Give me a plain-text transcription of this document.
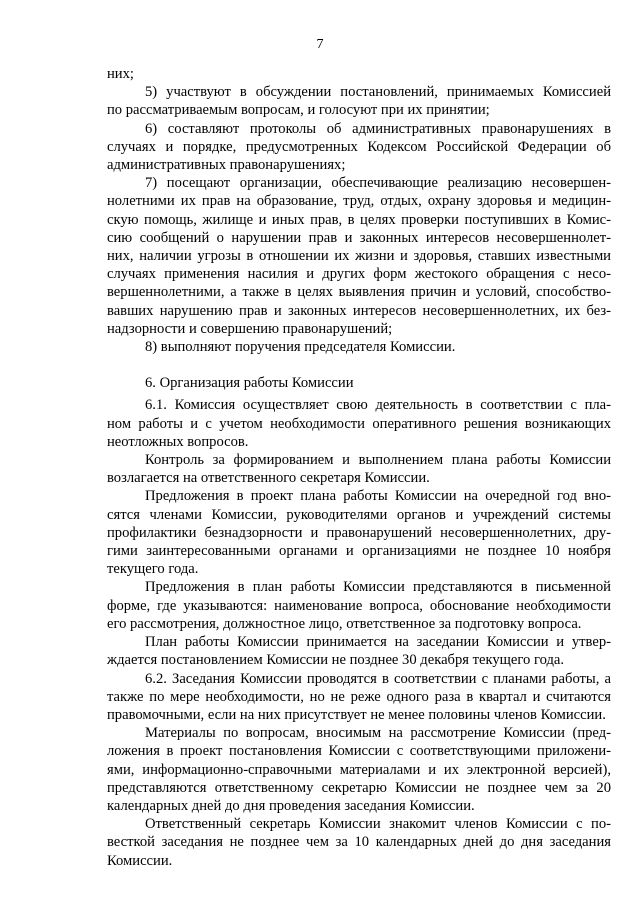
7

них;

5) участвуют в обсуждении постановлений, принимаемых Комиссией
по рассматриваемым вопросам, и голосуют при их принятии;

6) составляют протоколы об административных правонарушениях в
случаях и порядке, предусмотренных Кодексом Российской Федерации об
административных правонарушениях;

7) посещают организации, обеспечивающие реализацию несовершен-
нолетними их прав на образование, труд, отдых, охрану здоровья и медицин-
скую помощь, жилище и иных прав, в целях проверки поступивших в Комис-
сию сообщений о нарушении прав и законных интересов несовершеннолет-
них, наличии угрозы в отношении их жизни и здоровья, ставших известными
случаях применения насилия и других форм жестокого обращения с несо-
вершеннолетними, а также в целях выявления причин и условий, способство-
вавших нарушению прав и законных интересов несовершеннолетних, их без-
надзорности и совершению правонарушений;

8) выполняют поручения председателя Комиссии.

6. Организация работы Комиссии

6.1. Комиссия осуществляет свою деятельность в соответствии с пла-
ном работы и с учетом необходимости оперативного решения возникающих
неотложных вопросов.

Контроль за формированием и выполнением плана работы Комиссии
возлагается на ответственного секретаря Комиссии.

Предложения в проект плана работы Комиссии на очередной год вно-
сятся членами Комиссии, руководителями органов и учреждений системы
профилактики безнадзорности и правонарушений несовершеннолетних, дру-
гими заинтересованными органами и организациями не позднее 10 ноября
текущего года.

Предложения в план работы Комиссии представляются в письменной
форме, где указываются: наименование вопроса, обоснование необходимости
его рассмотрения, должностное лицо, ответственное за подготовку вопроса.

План работы Комиссии принимается на заседании Комиссии и утвер-
ждается постановлением Комиссии не позднее 30 декабря текущего года.

6.2. Заседания Комиссии проводятся в соответствии с планами работы, а
также по мере необходимости, но не реже одного раза в квартал и считаются
правомочными, если на них присутствует не менее половины членов Комиссии.

Материалы по вопросам, вносимым на рассмотрение Комиссии (пред-
ложения в проект постановления Комиссии с соответствующими приложени-
ями, информационно-справочными материалами и их электронной версией),
представляются ответственному секретарю Комиссии не позднее чем за 20
календарных дней до дня проведения заседания Комиссии.

Ответственный секретарь Комиссии знакомит членов Комиссии с по-
весткой заседания не позднее чем за 10 календарных дней до дня заседания
Комиссии.
